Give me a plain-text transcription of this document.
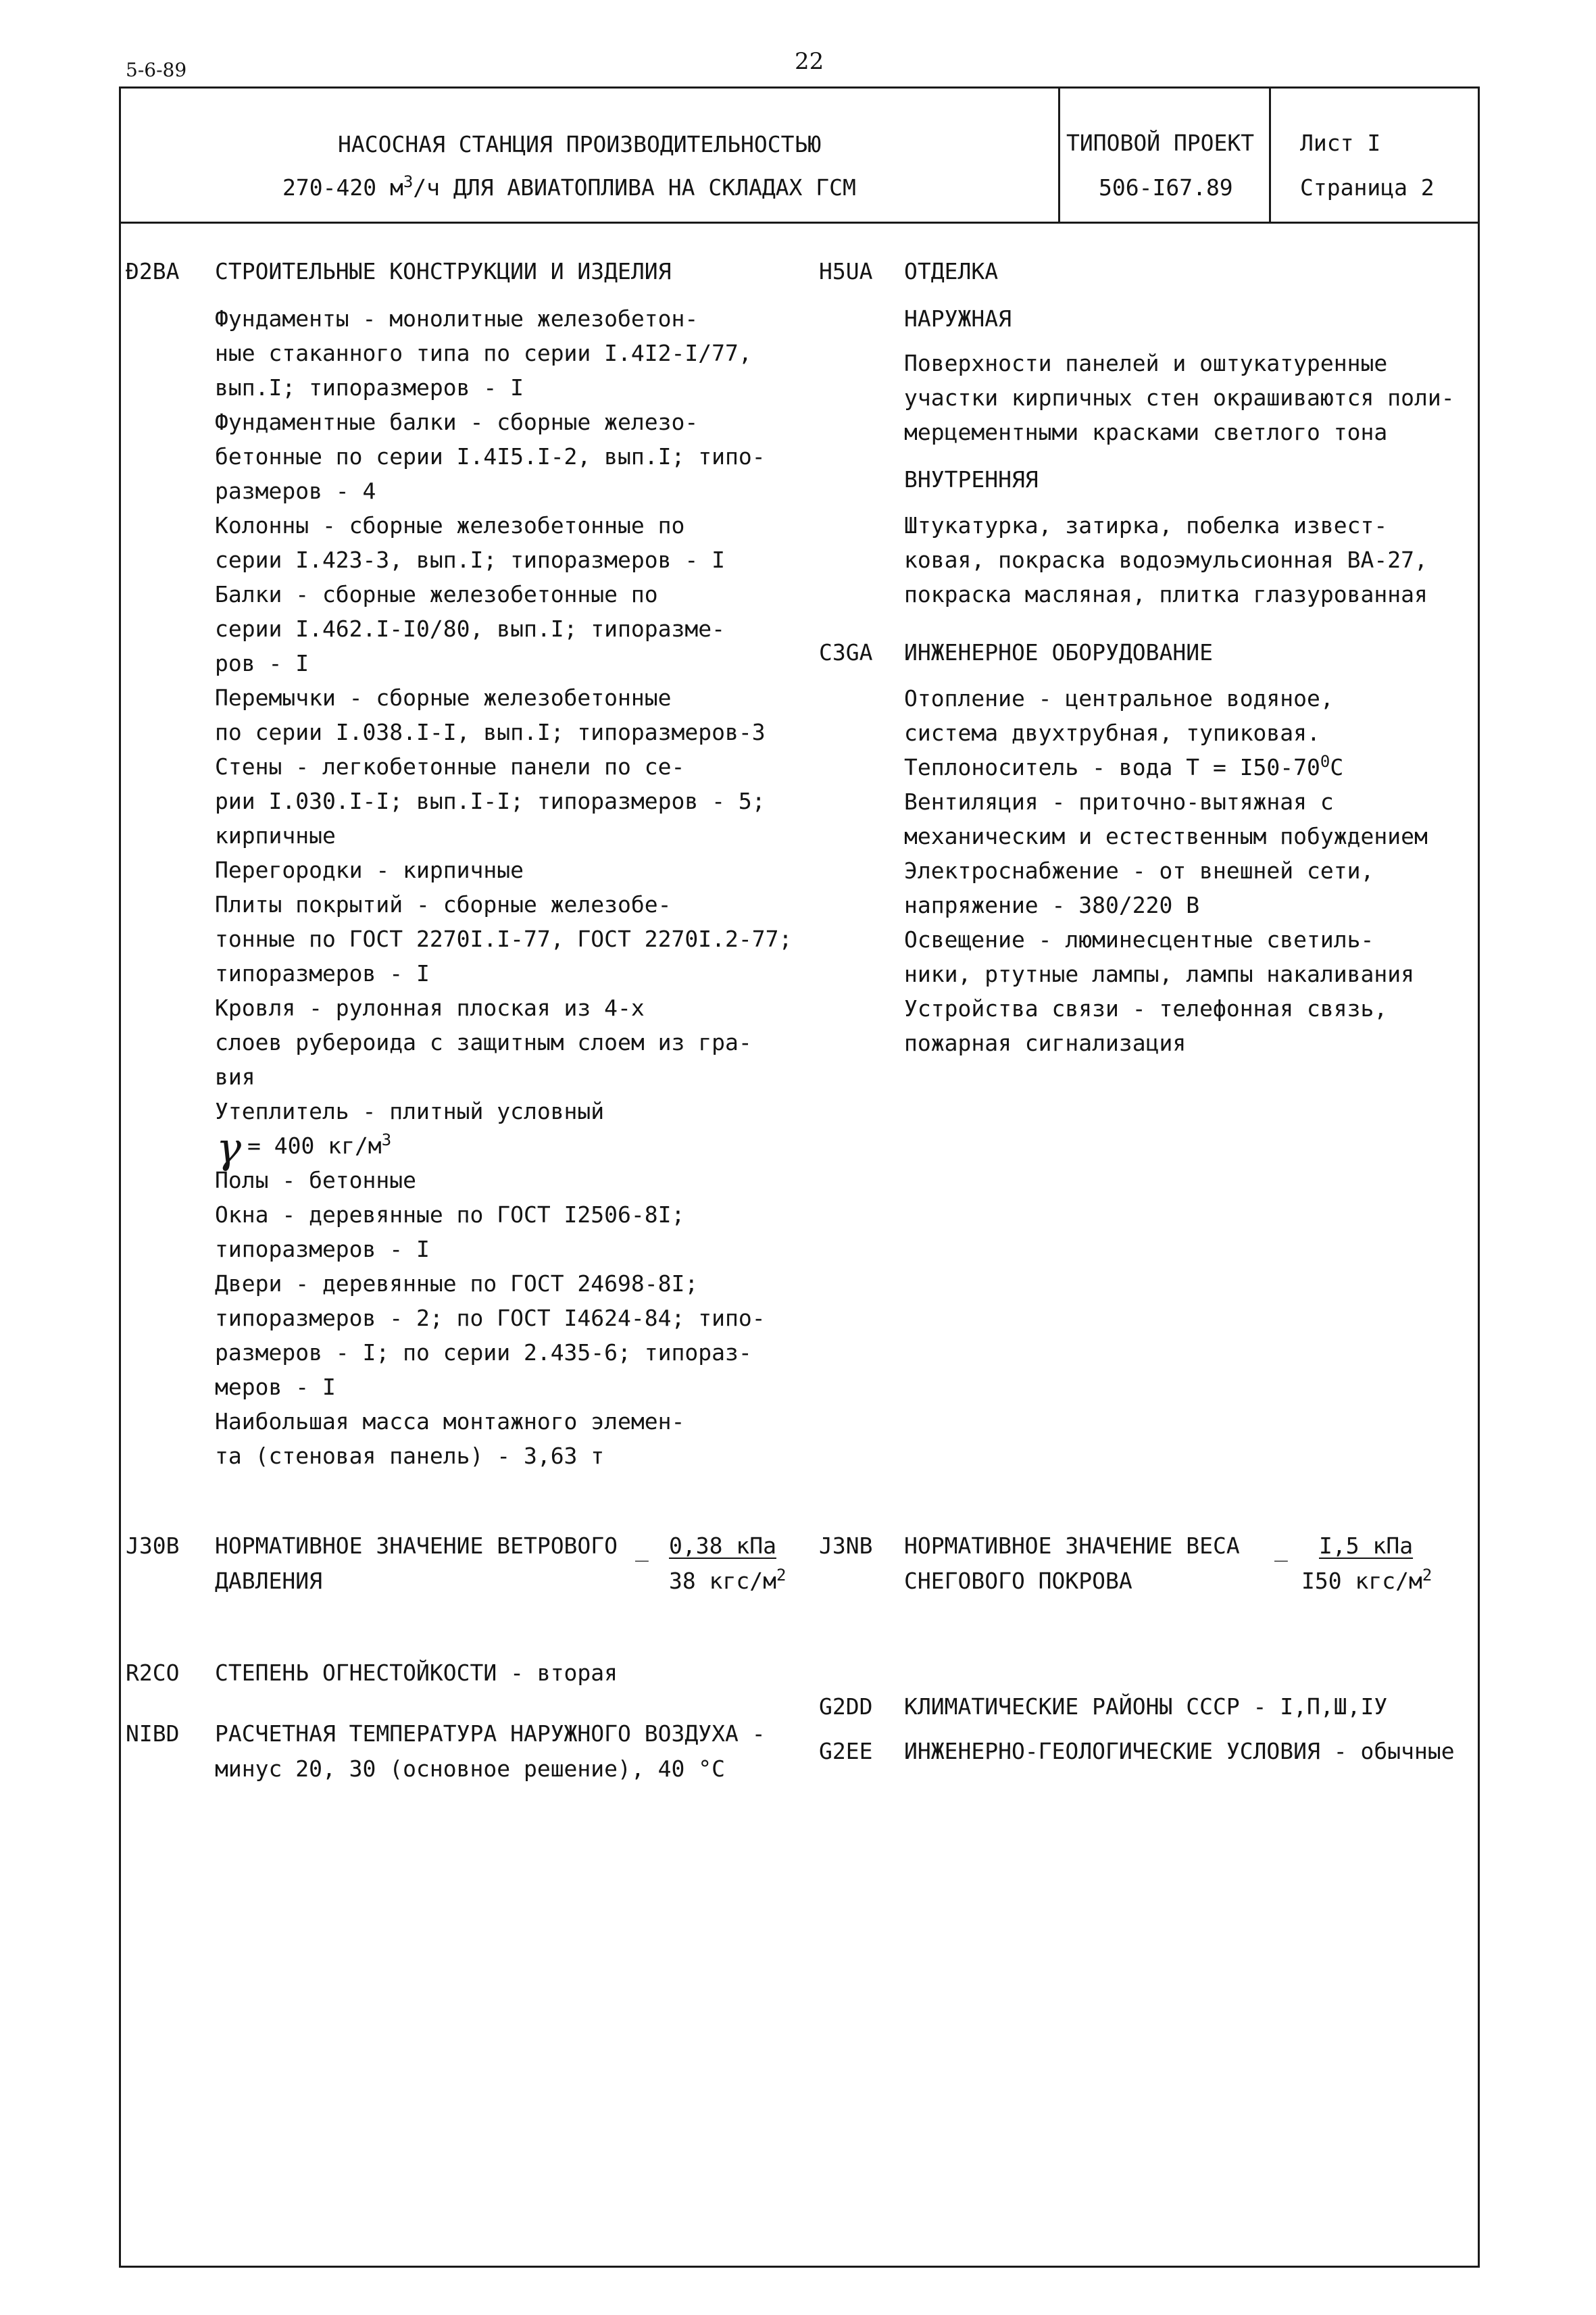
5-6-89	22
НАСОСНАЯ СТАНЦИЯ ПРОИЗВОДИТЕЛЬНОСТЬЮ
270-420 $м^3/ч$ ДЛЯ АВИАТОПЛИВА НА СКЛАДАХ ГСМ
ТИПОВОЙ ПРОЕКТ
506-I67.89
Лист I
Страница 2
Ð2ВА СТРОИТЕЛЬНЫЕ КОНСТРУКЦИИ И ИЗДЕЛИЯ
Фундаменты - монолитные железобетон-
ные стаканного типа по серии I.4I2-I/77,
вып.I; типоразмеров - I
Фундаментные балки - сборные железо-
бетонные по серии I.4I5.I-2, вып.I; типо-
размеров - 4
Колонны - сборные железобетонные по
серии I.423-3, вып.I; типоразмеров - I
Балки - сборные железобетонные по
серии I.462.I-I0/80, вып.I; типоразме-
ров - I
Перемычки - сборные железобетонные
по серии I.038.I-I, вып.I; типоразмеров-3
Стены - легкобетонные панели по се-
рии I.030.I-I; вып.I-I; типоразмеров - 5;
кирпичные
Перегородки - кирпичные
Плиты покрытий - сборные железобе-
тонные по ГОСТ 2270I.I-77, ГОСТ 2270I.2-77;
типоразмеров - I
Кровля - рулонная плоская из 4-х
слоев рубероида с защитным слоем из гра-
вия
Утеплитель - плитный условный
γ = 400 $кг/м^3$
Полы - бетонные
Окна - деревянные по ГОСТ I2506-8I;
типоразмеров - I
Двери - деревянные по ГОСТ 24698-8I;
типоразмеров - 2; по ГОСТ I4624-84; типо-
размеров - I; по серии 2.435-6; типораз-
меров - I
Наибольшая масса монтажного элемен-
та (стеновая панель) - 3,63 т
Н5UА ОТДЕЛКА
НАРУЖНАЯ
Поверхности панелей и оштукатуренные
участки кирпичных стен окрашиваются поли-
мерцементными красками светлого тона
ВНУТРЕННЯЯ
Штукатурка, затирка, побелка извест-
ковая, покраска водоэмульсионная ВА-27,
покраска масляная, плитка глазурованная
С3GА ИНЖЕНЕРНОЕ ОБОРУДОВАНИЕ
Отопление - центральное водяное,
система двухтрубная, тупиковая.
Теплоноситель - вода $Т = I50-70^0С$
Вентиляция - приточно-вытяжная с
механическим и естественным побуждением
Электроснабжение - от внешней сети,
напряжение - 380/220 В
Освещение - люминесцентные светиль-
ники, ртутные лампы, лампы накаливания
Устройства связи - телефонная связь,
пожарная сигнализация
J30В НОРМАТИВНОЕ ЗНАЧЕНИЕ ВЕТРОВОГО
ДАВЛЕНИЯ
_ 0,38 кПа
38 кгс/$м^2$
J3NВ НОРМАТИВНОЕ ЗНАЧЕНИЕ ВЕСА
СНЕГОВОГО ПОКРОВА
_ I,5 кПа
I50 кгс/$м^2$
R2СО СТЕПЕНЬ ОГНЕСТОЙКОСТИ - вторая
NIBD РАСЧЕТНАЯ ТЕМПЕРАТУРА НАРУЖНОГО ВОЗДУХА -
минус 20, 30 (основное решение), 40 °С
G2DD КЛИМАТИЧЕСКИЕ РАЙОНЫ СССР - I,П,Ш,IУ
G2ЕЕ ИНЖЕНЕРНО-ГЕОЛОГИЧЕСКИЕ УСЛОВИЯ - обычные
